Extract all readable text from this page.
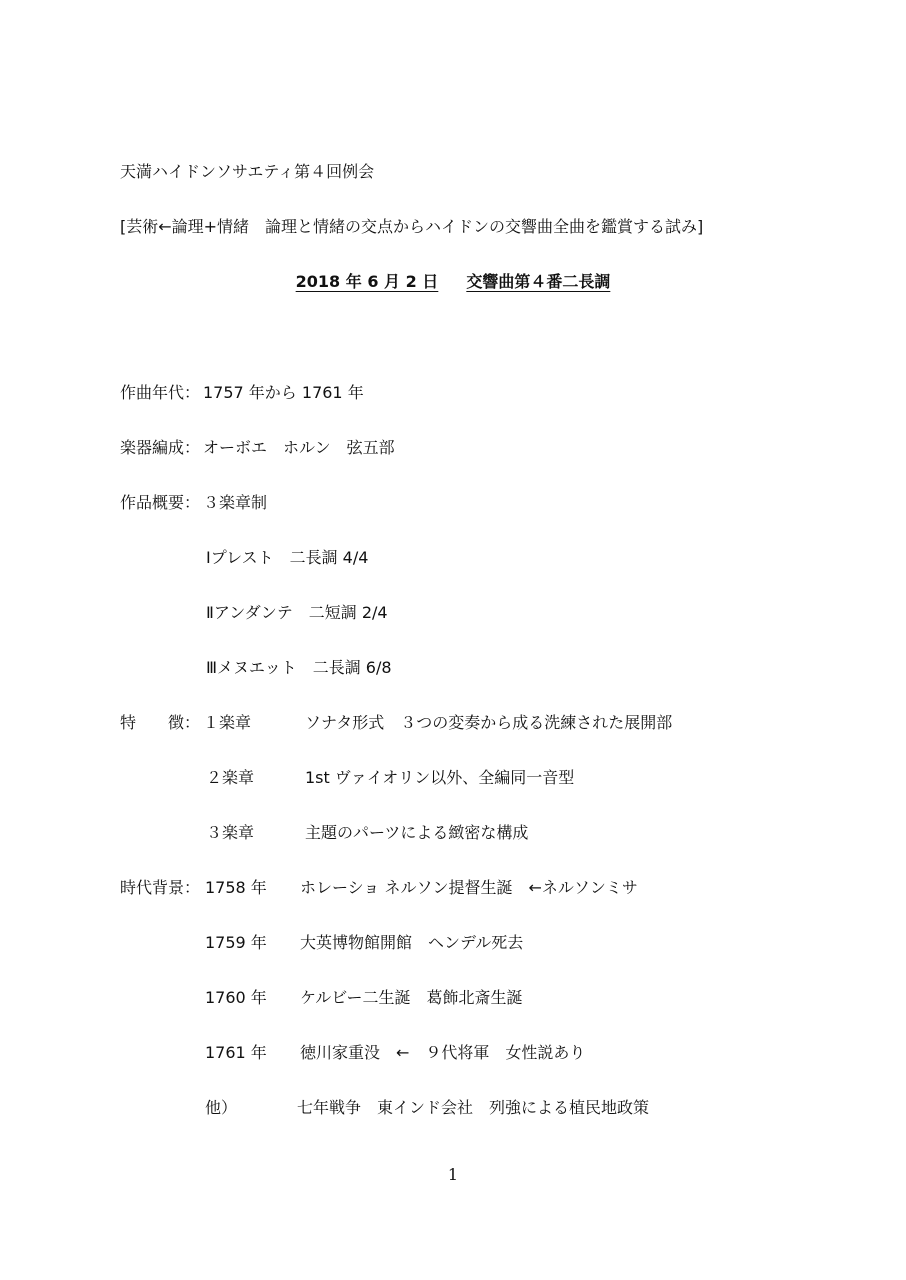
天満ハイドンソサエティ第４回例会
[芸術←論理+情緒　論理と情緒の交点からハイドンの交響曲全曲を鑑賞する試み]
2018 年 6 月 2 日 交響曲第４番二長調
作曲年代： 1757 年から 1761 年
楽器編成： オーボエ　ホルン　弦五部
作品概要： ３楽章制
Ⅰプレスト　二長調 4/4
Ⅱアンダンテ　二短調 2/4
Ⅲメヌエット　二長調 6/8
特　　徴： １楽章	ソナタ形式　３つの変奏から成る洗練された展開部
２楽章	1st ヴァイオリン以外、全編同一音型
３楽章	主題のパーツによる緻密な構成
時代背景： 1758 年 ホレーショ ネルソン提督生誕　←ネルソンミサ
1759 年 大英博物館開館　ヘンデル死去
1760 年 ケルビー二生誕　葛飾北斎生誕
1761 年 徳川家重没　←　９代将軍　女性説あり
他）	七年戦争　東インド会社　列強による植民地政策
1
